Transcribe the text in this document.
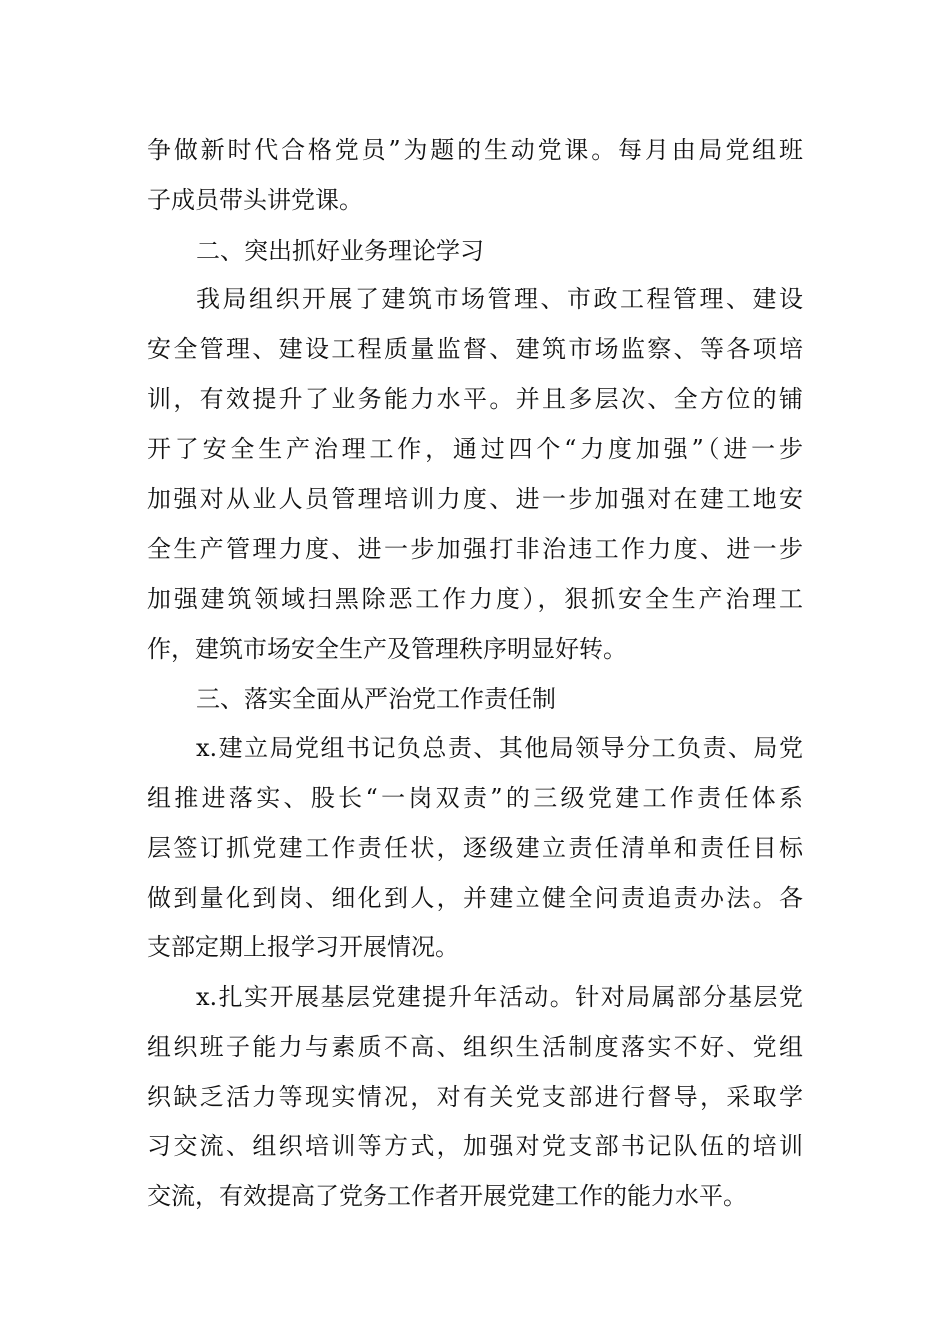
争做新时代合格党员”为题的生动党课。每月由局党组班
子成员带头讲党课。
二、突出抓好业务理论学习
我局组织开展了建筑市场管理、市政工程管理、建设
安全管理、建设工程质量监督、建筑市场监察、等各项培
训，有效提升了业务能力水平。并且多层次、全方位的铺
开了安全生产治理工作，通过四个“力度加强”（进一步
加强对从业人员管理培训力度、进一步加强对在建工地安
全生产管理力度、进一步加强打非治违工作力度、进一步
加强建筑领域扫黑除恶工作力度），狠抓安全生产治理工
作，建筑市场安全生产及管理秩序明显好转。
三、落实全面从严治党工作责任制
x.建立局党组书记负总责、其他局领导分工负责、局党
组推进落实、股长“一岗双责”的三级党建工作责任体系
层签订抓党建工作责任状，逐级建立责任清单和责任目标
做到量化到岗、细化到人，并建立健全问责追责办法。各
支部定期上报学习开展情况。
x.扎实开展基层党建提升年活动。针对局属部分基层党
组织班子能力与素质不高、组织生活制度落实不好、党组
织缺乏活力等现实情况，对有关党支部进行督导，采取学
习交流、组织培训等方式，加强对党支部书记队伍的培训
交流，有效提高了党务工作者开展党建工作的能力水平。
